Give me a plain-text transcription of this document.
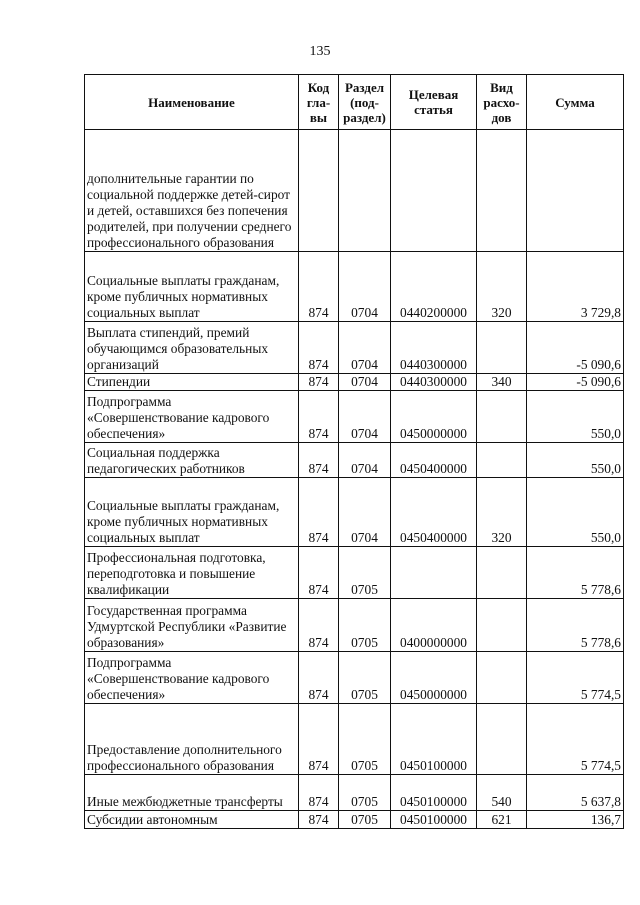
135
Наименование	Код гла-вы	Раздел (под-раздел)	Целевая статья	Вид расхо-дов	Сумма
дополнительные гарантии по социальной поддержке детей-сирот и детей, оставшихся без попечения родителей, при получении среднего профессионального образования					
Социальные выплаты гражданам, кроме публичных нормативных социальных выплат	874	0704	0440200000	320	3 729,8
Выплата стипендий, премий обучающимся образовательных организаций	874	0704	0440300000		-5 090,6
Стипендии	874	0704	0440300000	340	-5 090,6
Подпрограмма «Совершенствование кадрового обеспечения»	874	0704	0450000000		550,0
Социальная поддержка педагогических работников	874	0704	0450400000		550,0
Социальные выплаты гражданам, кроме публичных нормативных социальных выплат	874	0704	0450400000	320	550,0
Профессиональная подготовка, переподготовка и повышение квалификации	874	0705			5 778,6
Государственная программа Удмуртской Республики «Развитие образования»	874	0705	0400000000		5 778,6
Подпрограмма «Совершенствование кадрового обеспечения»	874	0705	0450000000		5 774,5
Предоставление дополнительного профессионального образования	874	0705	0450100000		5 774,5
Иные межбюджетные трансферты	874	0705	0450100000	540	5 637,8
Субсидии автономным	874	0705	0450100000	621	136,7
